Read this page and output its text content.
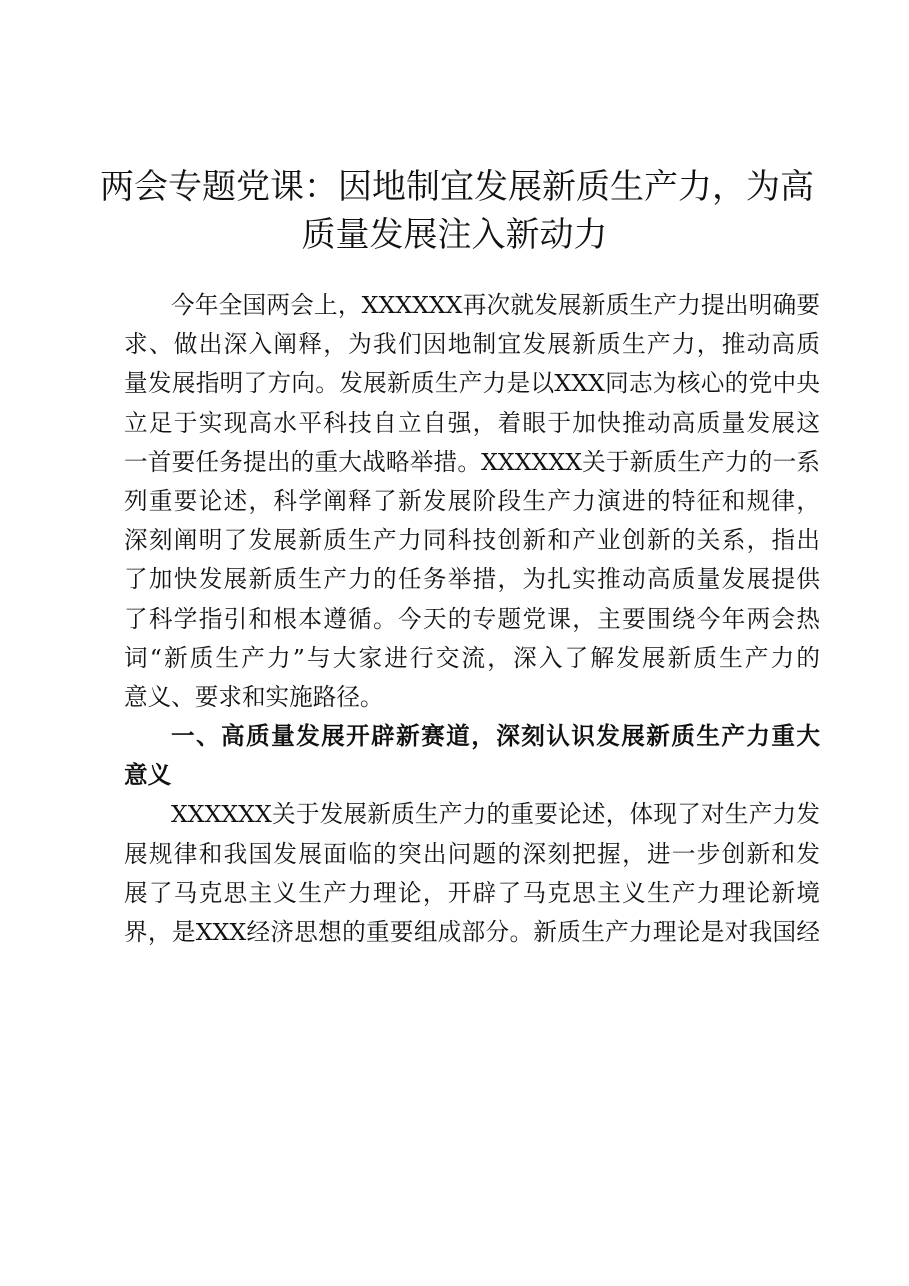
两会专题党课：因地制宜发展新质生产力，为高
质量发展注入新动力

今年全国两会上，XXXXXX再次就发展新质生产力提出明确要
求、做出深入阐释，为我们因地制宜发展新质生产力，推动高质
量发展指明了方向。发展新质生产力是以XXX同志为核心的党中央
立足于实现高水平科技自立自强，着眼于加快推动高质量发展这
一首要任务提出的重大战略举措。XXXXXX关于新质生产力的一系
列重要论述，科学阐释了新发展阶段生产力演进的特征和规律，
深刻阐明了发展新质生产力同科技创新和产业创新的关系，指出
了加快发展新质生产力的任务举措，为扎实推动高质量发展提供
了科学指引和根本遵循。今天的专题党课，主要围绕今年两会热
词“新质生产力”与大家进行交流，深入了解发展新质生产力的
意义、要求和实施路径。

一、高质量发展开辟新赛道，深刻认识发展新质生产力重大
意义

XXXXXX关于发展新质生产力的重要论述，体现了对生产力发
展规律和我国发展面临的突出问题的深刻把握，进一步创新和发
展了马克思主义生产力理论，开辟了马克思主义生产力理论新境
界，是XXX经济思想的重要组成部分。新质生产力理论是对我国经
